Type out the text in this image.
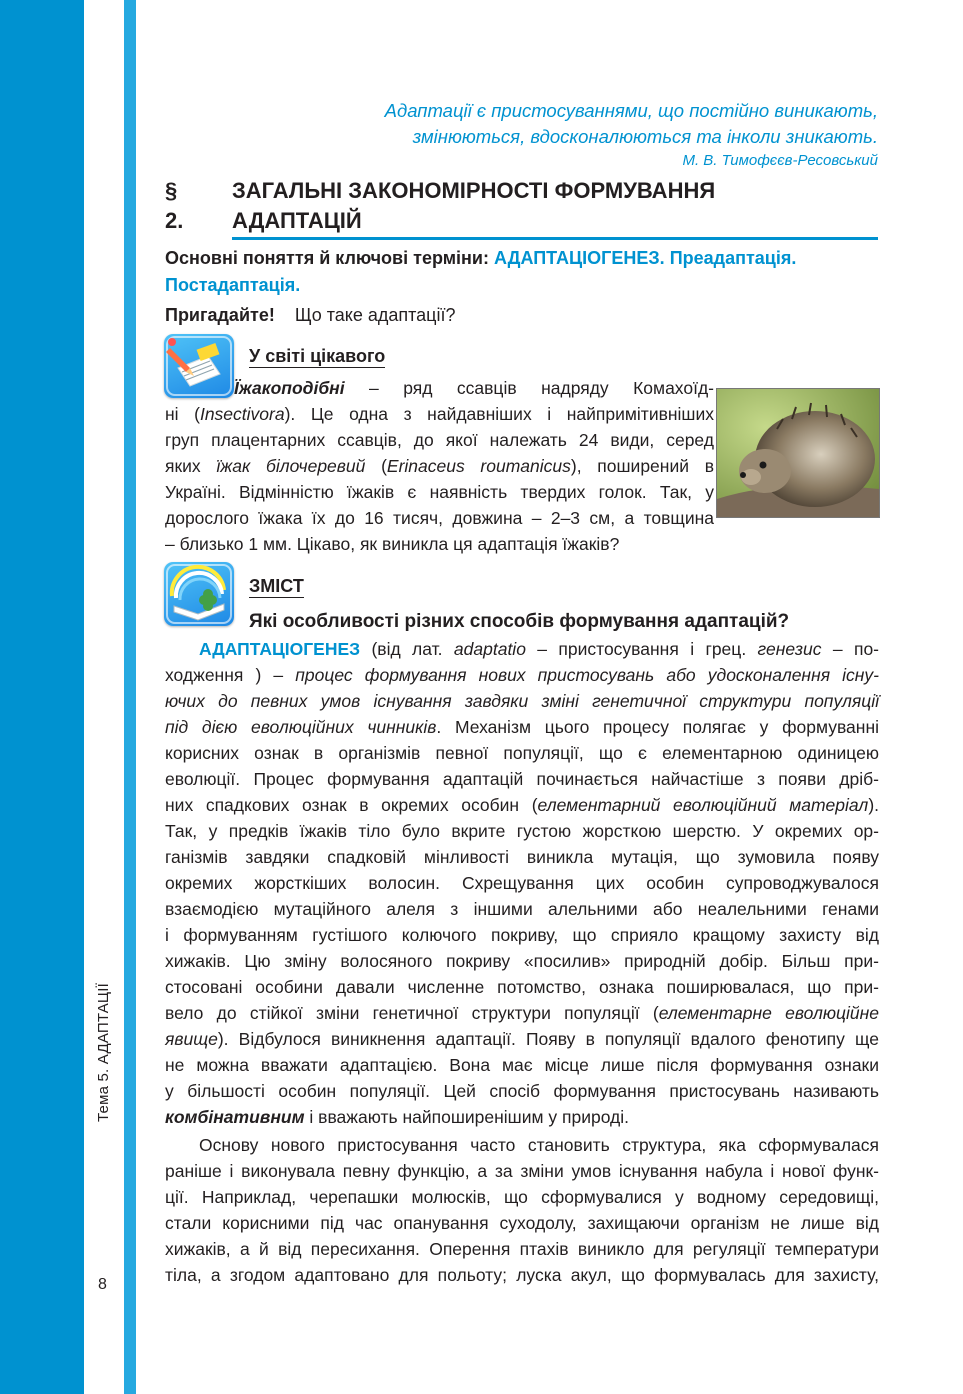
Тема 5. АДАПТАЦІЇ
8
Адаптації є пристосуваннями, що постійно виникають,
змінюються, вдосконалюються та інколи зникають.
М. В. Тимофєєв-Ресовський
§ 2.
ЗАГАЛЬНІ ЗАКОНОМІРНОСТІ ФОРМУВАННЯ
АДАПТАЦІЙ
Основні поняття й ключові терміни: АДАПТАЦІОГЕНЕЗ. Преадаптація. Постадаптація.
Пригадайте! Що таке адаптації?
У світі цікавого
Їжакоподібні – ряд ссавців надряду Комахоїд-
ні (Insectivora). Це одна з найдавніших і найпримітивніших
груп плацентарних ссавців, до якої належать 24 види, серед
яких їжак білочеревий (Erinaceus roumanicus), поширений в
Україні. Відмінністю їжаків є наявність твердих голок. Так, у
дорослого їжака їх до 16 тисяч, довжина – 2–3 см, а товщина
– близько 1 мм. Цікаво, як виникла ця адаптація їжаків?
ЗМІСТ
Які особливості різних способів формування адаптацій?
АДАПТАЦІОГЕНЕЗ (від лат. adaptatio – пристосування і грец. генезис – по-
ходження ) – процес формування нових пристосувань або удосконалення існу-
ючих до певних умов існування завдяки зміні генетичної структури популяції
під дією еволюційних чинників. Механізм цього процесу полягає у формуванні
корисних ознак в організмів певної популяції, що є елементарною одиницею
еволюції. Процес формування адаптацій починається найчастіше з появи дріб-
них спадкових ознак в окремих особин (елементарний еволюційний матеріал).
Так, у предків їжаків тіло було вкрите густою жорсткою шерстю. У окремих ор-
ганізмів завдяки спадковій мінливості виникла мутація, що зумовила появу
окремих жорсткіших волосин. Схрещування цих особин супроводжувалося
взаємодією мутаційного алеля з іншими алельними або неалельними генами
і формуванням густішого колючого покриву, що сприяло кращому захисту від
хижаків. Цю зміну волосяного покриву «посилив» природній добір. Більш при-
стосовані особини давали численне потомство, ознака поширювалася, що при-
вело до стійкої зміни генетичної структури популяції (елементарне еволюційне
явище). Відбулося виникнення адаптації. Появу в популяції вдалого фенотипу ще
не можна вважати адаптацією. Вона має місце лише після формування ознаки
у більшості особин популяції. Цей спосіб формування пристосувань називають
комбінативним і вважають найпоширенішим у природі.
Основу нового пристосування часто становить структура, яка сформувалася
раніше і виконувала певну функцію, а за зміни умов існування набула і нової функ-
ції. Наприклад, черепашки молюсків, що сформувалися у водному середовищі,
стали корисними під час опанування суходолу, захищаючи організм не лише від
хижаків, а й від пересихання. Оперення птахів виникло для регуляції температури
тіла, а згодом адаптовано для польоту; луска акул, що формувалась для захисту,
